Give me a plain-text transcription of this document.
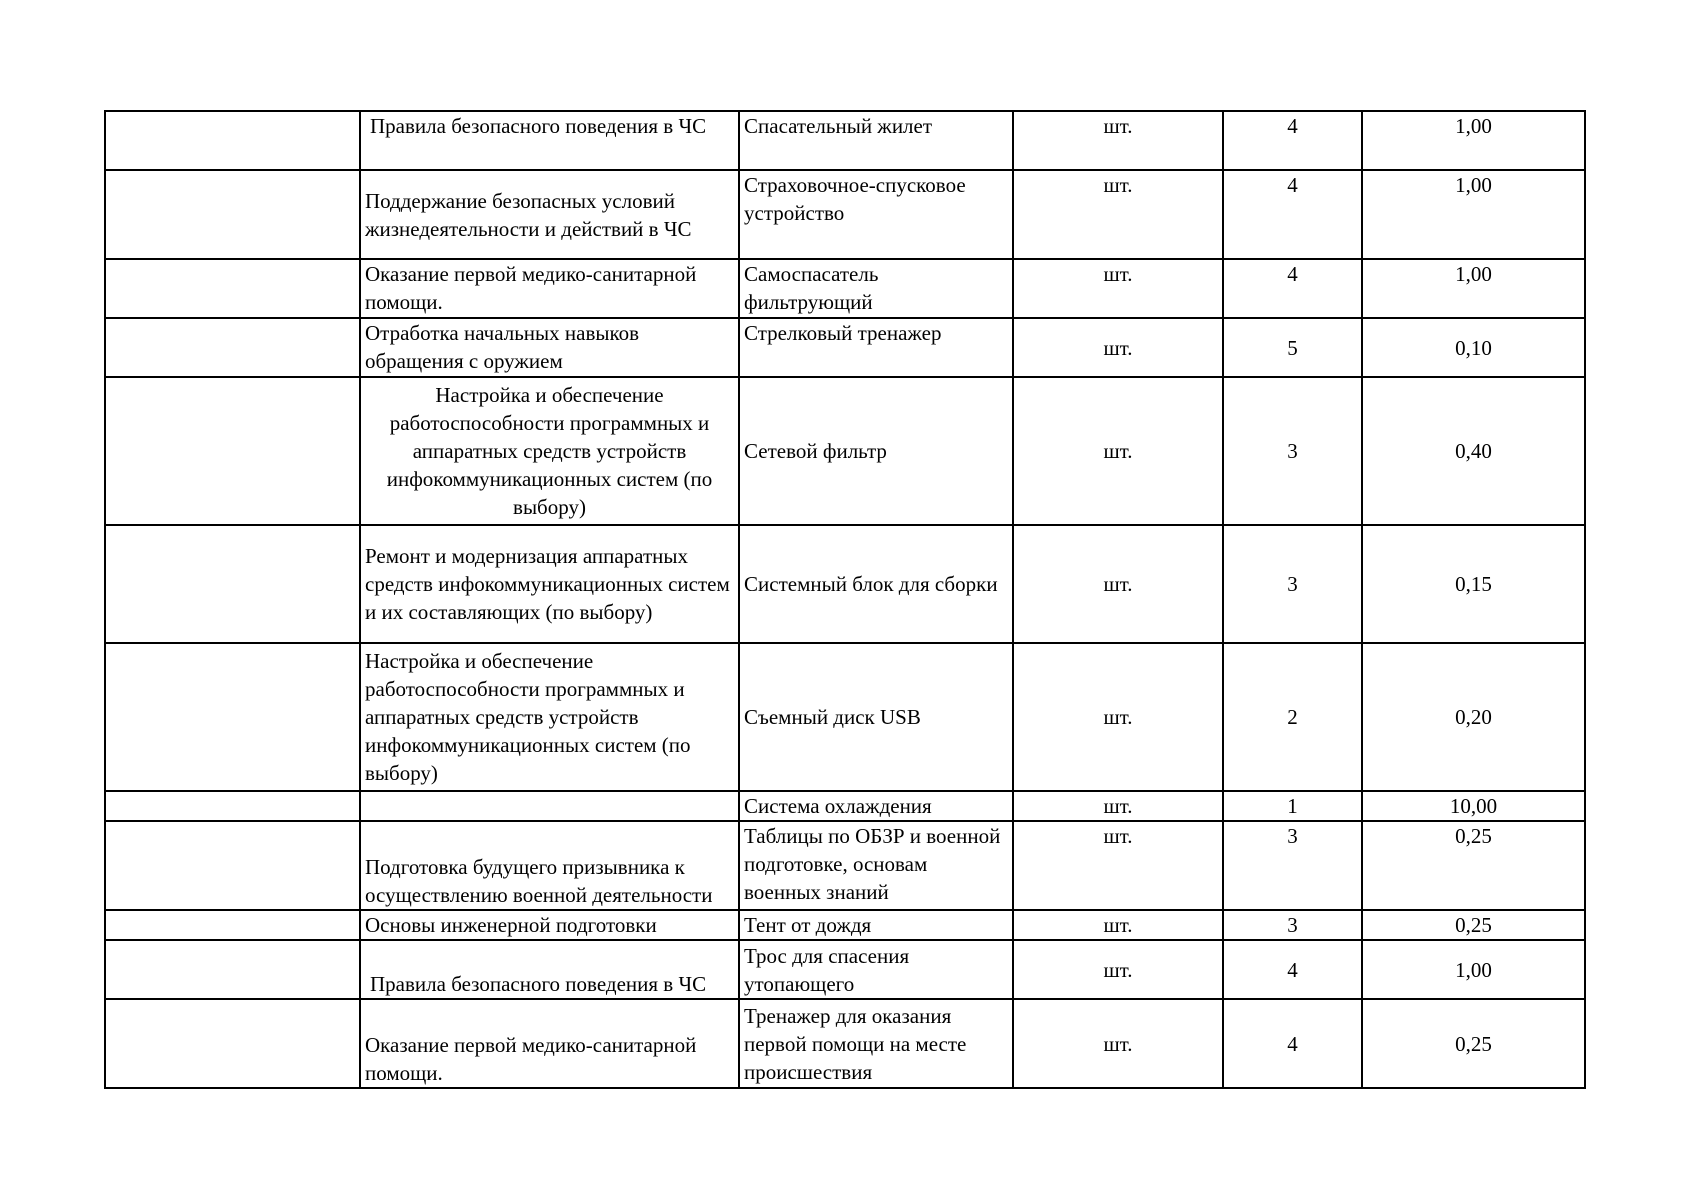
	Правила безопасного поведения в ЧС	Спасательный жилет	шт.	4	1,00
	Поддержание безопасных условий жизнедеятельности и действий в ЧС	Страховочное-спусковое устройство	шт.	4	1,00
	Оказание первой медико-санитарной помощи.	Самоспасатель фильтрующий	шт.	4	1,00
	Отработка начальных навыков обращения с оружием	Стрелковый тренажер	шт.	5	0,10
	Настройка и обеспечение работоспособности программных и аппаратных средств устройств инфокоммуникационных систем (по выбору)	Сетевой фильтр	шт.	3	0,40
	Ремонт и модернизация аппаратных средств инфокоммуникационных систем и их составляющих (по выбору)	Системный блок для сборки	шт.	3	0,15
	Настройка и обеспечение работоспособности программных и аппаратных средств устройств инфокоммуникационных систем (по выбору)	Съемный диск USB	шт.	2	0,20
		Система охлаждения	шт.	1	10,00
	Подготовка будущего призывника к осуществлению военной деятельности	Таблицы по ОБЗР и военной подготовке, основам военных знаний	шт.	3	0,25
	Основы инженерной подготовки	Тент от дождя	шт.	3	0,25
	Правила безопасного поведения в ЧС	Трос для спасения утопающего	шт.	4	1,00
	Оказание первой медико-санитарной помощи.	Тренажер для оказания первой помощи на месте происшествия	шт.	4	0,25
